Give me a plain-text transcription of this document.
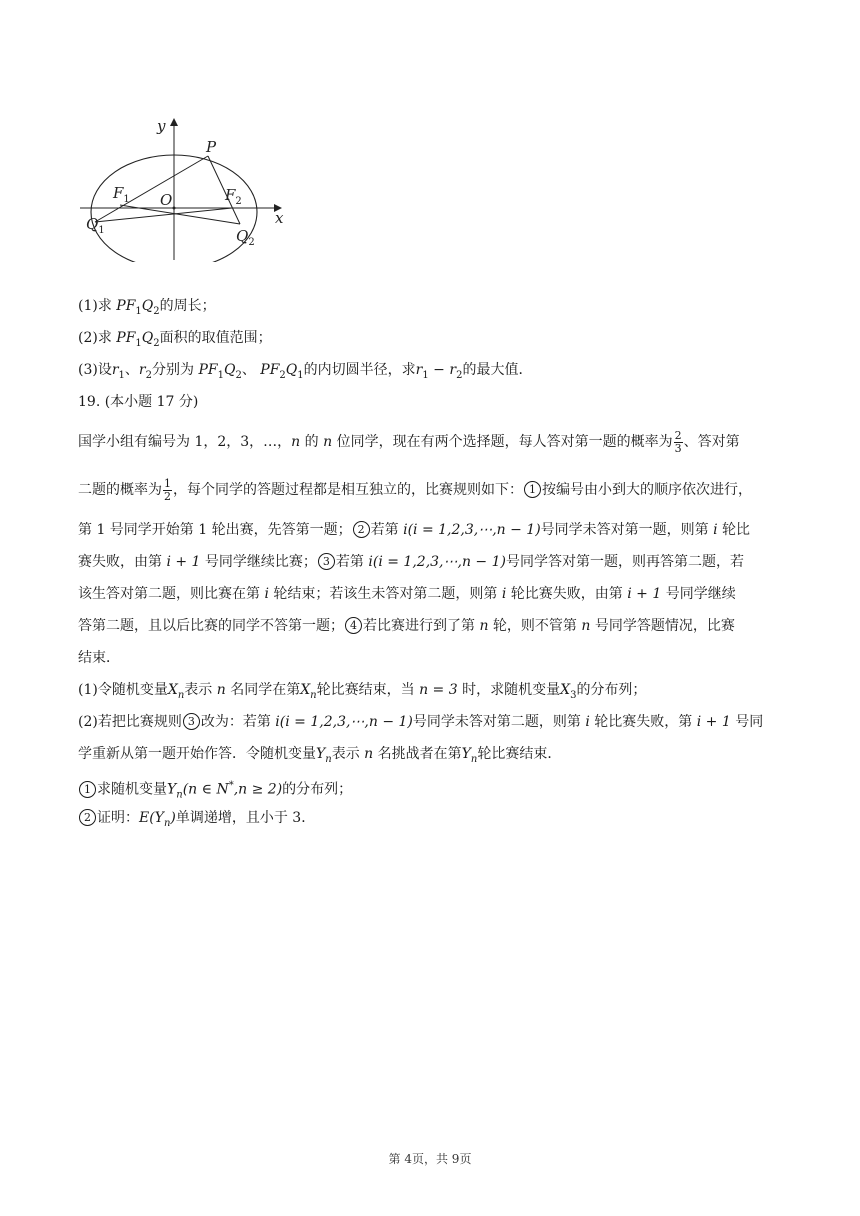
y
x
P
$F_1$ O	$F_2$
$Q_1$	$Q_2$
(1)求 $PF_1Q_2$的周长；
(2)求 $PF_1Q_2$面积的取值范围；
(3)设$r_1$、$r_2$分别为 $PF_1Q_2$、 $PF_2Q_1$的内切圆半径，求$r_1 - r_2$的最大值．
19. (本小题 17 分)
国学小组有编号为 1，2，3，…，n 的 n 位同学，现在有两个选择题，每人答对第一题的概率为 $\frac{2}{3}$ 、答对第
二题的概率为 $\frac{1}{2}$ ，每个同学的答题过程都是相互独立的，比赛规则如下： 1 按编号由小到大的顺序依次进行，
第 1 号同学开始第 1 轮出赛，先答第一题； 2 若第 i(i = 1,2,3,⋯,n − 1)号同学未答对第一题，则第 i 轮比
赛失败，由第 i + 1 号同学继续比赛； 3 若第 i(i = 1,2,3,⋯,n − 1)号同学答对第一题，则再答第二题，若
该生答对第二题，则比赛在第 i 轮结束；若该生未答对第二题，则第 i 轮比赛失败，由第 i + 1 号同学继续
答第二题，且以后比赛的同学不答第一题； 4 若比赛进行到了第 n 轮，则不管第 n 号同学答题情况，比赛
结束．
(1)令随机变量$X_n$表示 n 名同学在第$X_n$轮比赛结束，当 n = 3 时，求随机变量$X_3$的分布列；
(2)若把比赛规则 3 改为：若第 i(i = 1,2,3,⋯,n − 1)号同学未答对第二题，则第 i 轮比赛失败，第 i + 1 号同
学重新从第一题开始作答．令随机变量$Y_n$表示 n 名挑战者在第$Y_n$轮比赛结束．
1 求随机变量$Y_n(n$ ∈ N*,n ≥ 2)的分布列；
2 证明：$E(Y_n)$单调递增，且小于 3．
第 4页，共 9页
